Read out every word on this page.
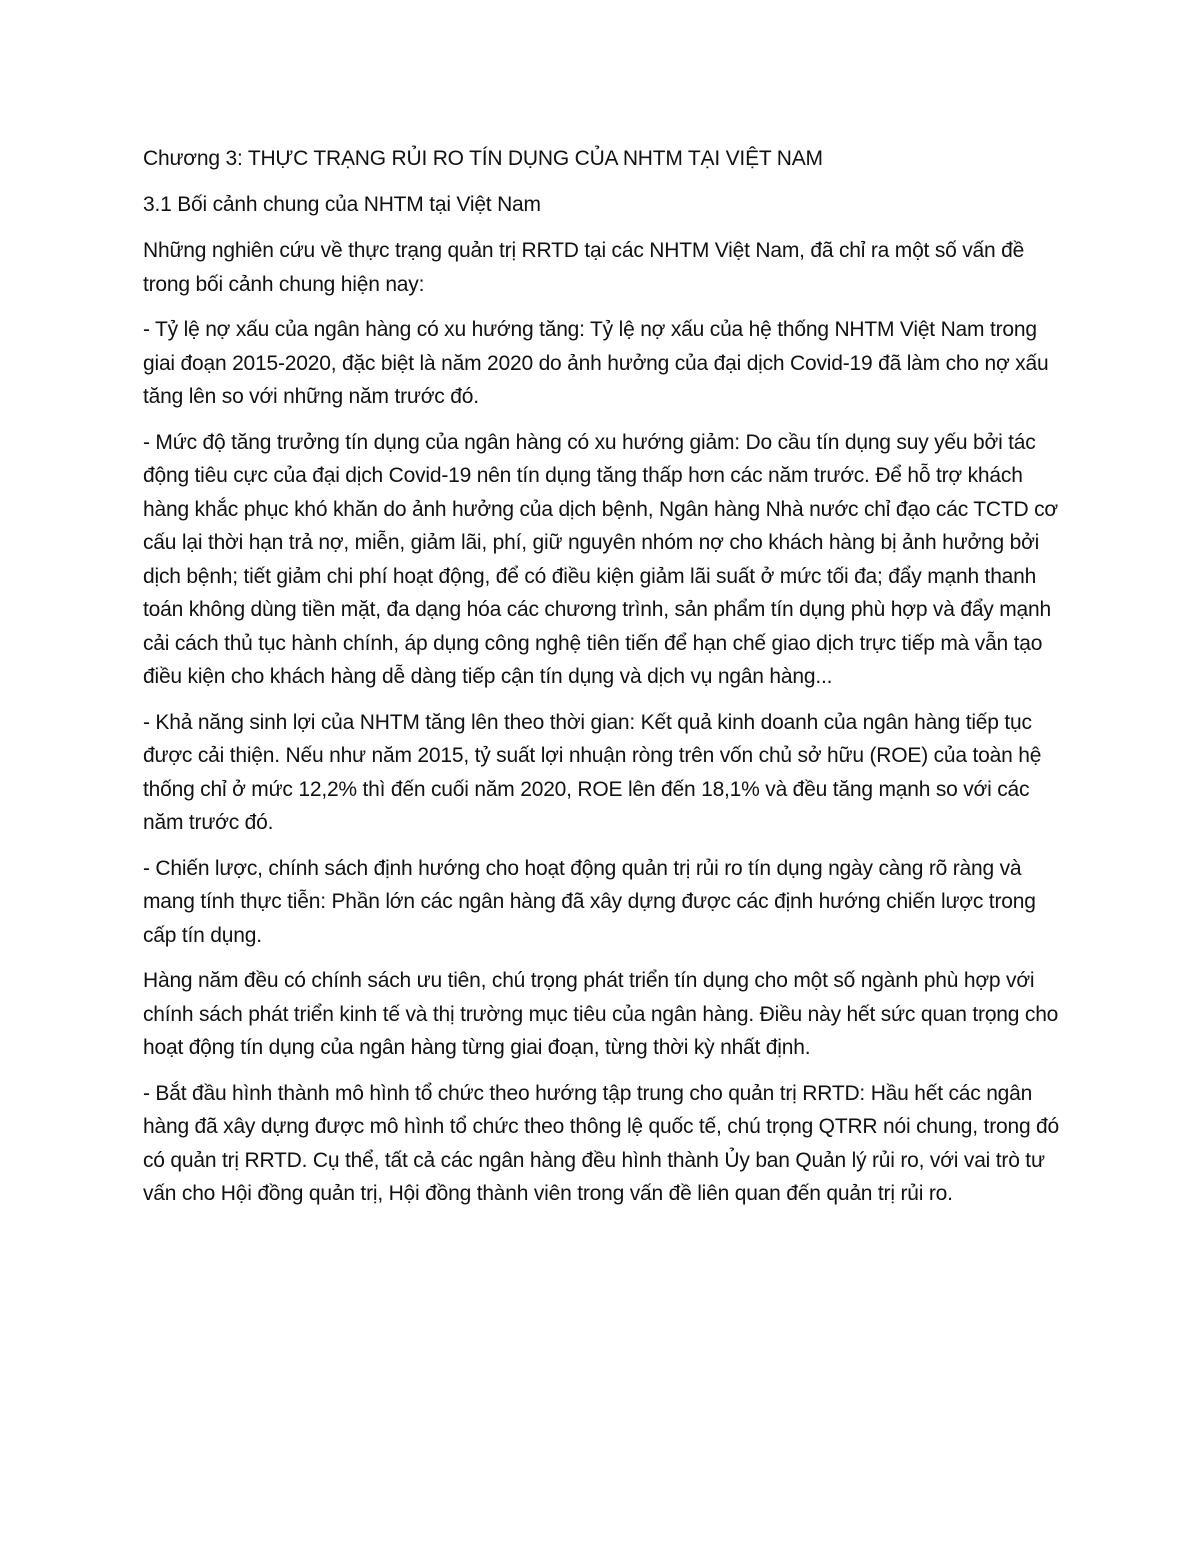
Chương 3: THỰC TRẠNG RỦI RO TÍN DỤNG CỦA NHTM TẠI VIỆT NAM

3.1 Bối cảnh chung của NHTM tại Việt Nam

Những nghiên cứu về thực trạng quản trị RRTD tại các NHTM Việt Nam, đã chỉ ra một số vấn đề trong bối cảnh chung hiện nay:

- Tỷ lệ nợ xấu của ngân hàng có xu hướng tăng: Tỷ lệ nợ xấu của hệ thống NHTM Việt Nam trong giai đoạn 2015-2020, đặc biệt là năm 2020 do ảnh hưởng của đại dịch Covid-19 đã làm cho nợ xấu tăng lên so với những năm trước đó.

- Mức độ tăng trưởng tín dụng của ngân hàng có xu hướng giảm: Do cầu tín dụng suy yếu bởi tác động tiêu cực của đại dịch Covid-19 nên tín dụng tăng thấp hơn các năm trước. Để hỗ trợ khách hàng khắc phục khó khăn do ảnh hưởng của dịch bệnh, Ngân hàng Nhà nước chỉ đạo các TCTD cơ cấu lại thời hạn trả nợ, miễn, giảm lãi, phí, giữ nguyên nhóm nợ cho khách hàng bị ảnh hưởng bởi dịch bệnh; tiết giảm chi phí hoạt động, để có điều kiện giảm lãi suất ở mức tối đa; đẩy mạnh thanh toán không dùng tiền mặt, đa dạng hóa các chương trình, sản phẩm tín dụng phù hợp và đẩy mạnh cải cách thủ tục hành chính, áp dụng công nghệ tiên tiến để hạn chế giao dịch trực tiếp mà vẫn tạo điều kiện cho khách hàng dễ dàng tiếp cận tín dụng và dịch vụ ngân hàng...

- Khả năng sinh lợi của NHTM tăng lên theo thời gian: Kết quả kinh doanh của ngân hàng tiếp tục được cải thiện. Nếu như năm 2015, tỷ suất lợi nhuận ròng trên vốn chủ sở hữu (ROE) của toàn hệ thống chỉ ở mức 12,2% thì đến cuối năm 2020, ROE lên đến 18,1% và đều tăng mạnh so với các năm trước đó.

- Chiến lược, chính sách định hướng cho hoạt động quản trị rủi ro tín dụng ngày càng rõ ràng và mang tính thực tiễn: Phần lớn các ngân hàng đã xây dựng được các định hướng chiến lược trong cấp tín dụng.

Hàng năm đều có chính sách ưu tiên, chú trọng phát triển tín dụng cho một số ngành phù hợp với chính sách phát triển kinh tế và thị trường mục tiêu của ngân hàng. Điều này hết sức quan trọng cho hoạt động tín dụng của ngân hàng từng giai đoạn, từng thời kỳ nhất định.

- Bắt đầu hình thành mô hình tổ chức theo hướng tập trung cho quản trị RRTD: Hầu hết các ngân hàng đã xây dựng được mô hình tổ chức theo thông lệ quốc tế, chú trọng QTRR nói chung, trong đó có quản trị RRTD. Cụ thể, tất cả các ngân hàng đều hình thành Ủy ban Quản lý rủi ro, với vai trò tư vấn cho Hội đồng quản trị, Hội đồng thành viên trong vấn đề liên quan đến quản trị rủi ro.
